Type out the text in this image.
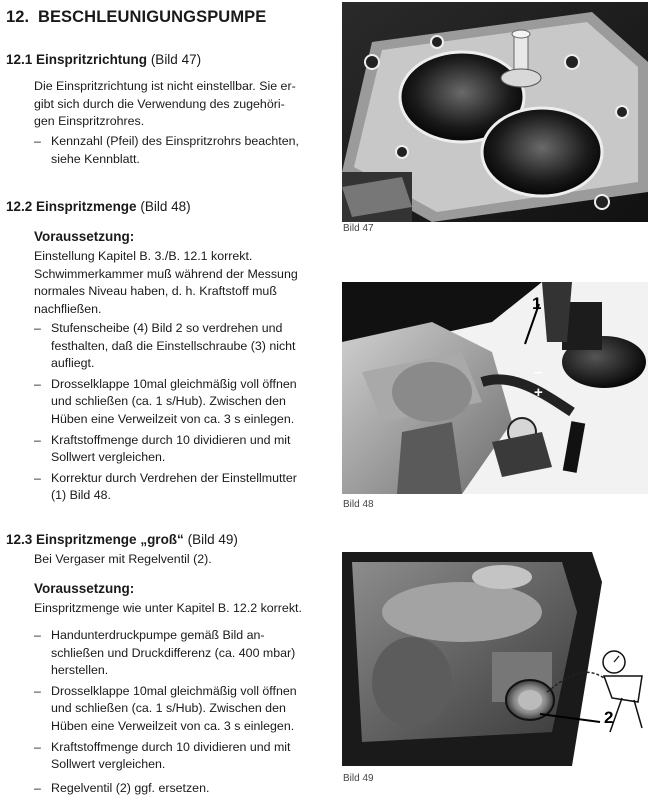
12. BESCHLEUNIGUNGSPUMPE
12.1 Einspritzrichtung (Bild 47)
Die Einspritzrichtung ist nicht einstellbar. Sie er-
gibt sich durch die Verwendung des zugehöri-
gen Einspritzrohres.
– Kennzahl (Pfeil) des Einspritzrohrs beachten,
siehe Kennblatt.
12.2 Einspritzmenge (Bild 48)
Voraussetzung:
Einstellung Kapitel B. 3./B. 12.1 korrekt.
Schwimmerkammer muß während der Messung
normales Niveau haben, d. h. Kraftstoff muß
nachfließen.
– Stufenscheibe (4) Bild 2 so verdrehen und
festhalten, daß die Einstellschraube (3) nicht
aufliegt.
– Drosselklappe 10mal gleichmäßig voll öffnen
und schließen (ca. 1 s/Hub). Zwischen den
Hüben eine Verweilzeit von ca. 3 s einlegen.
– Kraftstoffmenge durch 10 dividieren und mit
Sollwert vergleichen.
– Korrektur durch Verdrehen der Einstellmutter
(1) Bild 48.
12.3 Einspritzmenge „groß“ (Bild 49)
Bei Vergaser mit Regelventil (2).
Voraussetzung:
Einspritzmenge wie unter Kapitel B. 12.2 korrekt.
– Handunterdruckpumpe gemäß Bild an-
schließen und Druckdifferenz (ca. 400 mbar)
herstellen.
– Drosselklappe 10mal gleichmäßig voll öffnen
und schließen (ca. 1 s/Hub). Zwischen den
Hüben eine Verweilzeit von ca. 3 s einlegen.
– Kraftstoffmenge durch 10 dividieren und mit
Sollwert vergleichen.
– Regelventil (2) ggf. ersetzen.
Bild 47
1
–
+
Bild 48
2
Bild 49
